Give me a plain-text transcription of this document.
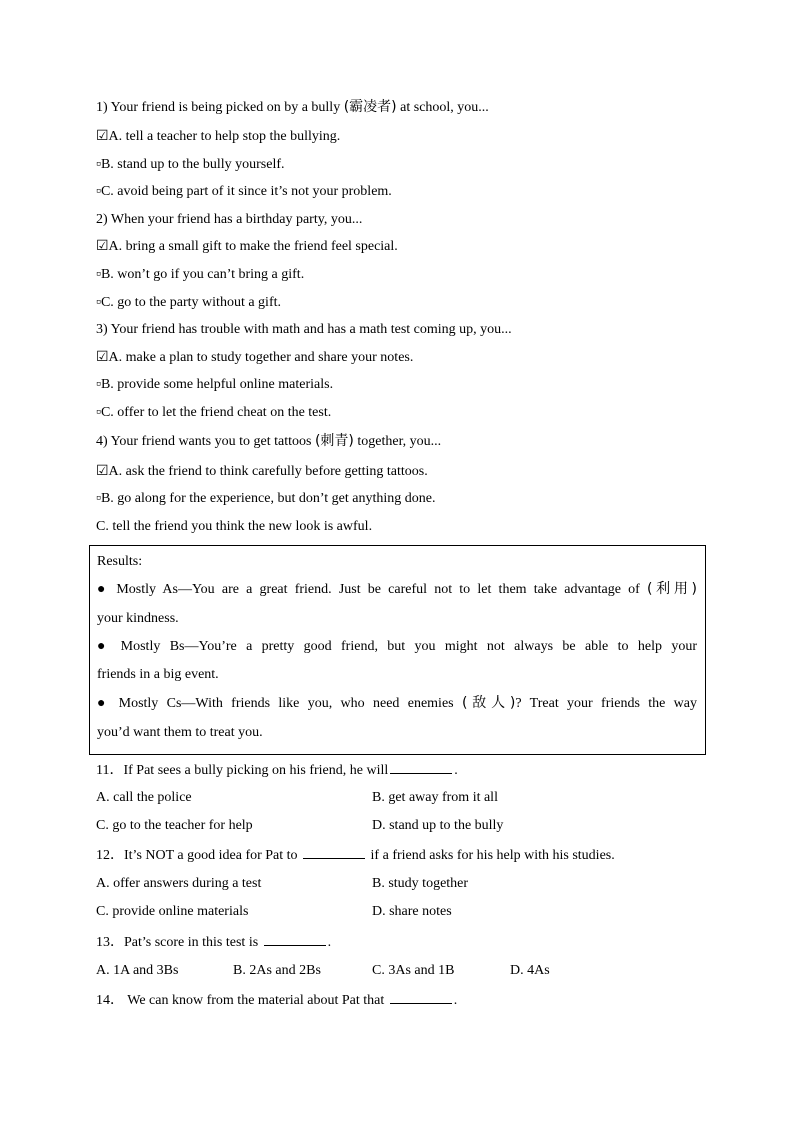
1) Your friend is being picked on by a bully (霸凌者) at school, you...
☑A. tell a teacher to help stop the bullying.
▫B. stand up to the bully yourself.
▫C. avoid being part of it since it’s not your problem.
2) When your friend has a birthday party, you...
☑A. bring a small gift to make the friend feel special.
▫B. won’t go if you can’t bring a gift.
▫C. go to the party without a gift.
3) Your friend has trouble with math and has a math test coming up, you...
☑A. make a plan to study together and share your notes.
▫B. provide some helpful online materials.
▫C. offer to let the friend cheat on the test.
4) Your friend wants you to get tattoos (刺青) together, you...
☑A. ask the friend to think carefully before getting tattoos.
▫B. go along for the experience, but don’t get anything done.
C. tell the friend you think the new look is awful.
Results:
● Mostly As—You are a great friend. Just be careful not to let them take advantage of (利用)
your kindness.
● Mostly Bs—You’re a pretty good friend, but you might not always be able to help your
friends in a big event.
● Mostly Cs—With friends like you, who need enemies (敌人)? Treat your friends the way
you’d want them to treat you.
11．If Pat sees a bully picking on his friend, he will	.
A. call the police	B. get away from it all
C. go to the teacher for help	D. stand up to the bully
12．It’s NOT a good idea for Pat to	if a friend asks for his help with his studies.
A. offer answers during a test	B. study together
C. provide online materials	D. share notes
13．Pat’s score in this test is	.
A. 1A and 3Bs	B. 2As and 2Bs	C. 3As and 1B	D. 4As
14． We can know from the material about Pat that	.
